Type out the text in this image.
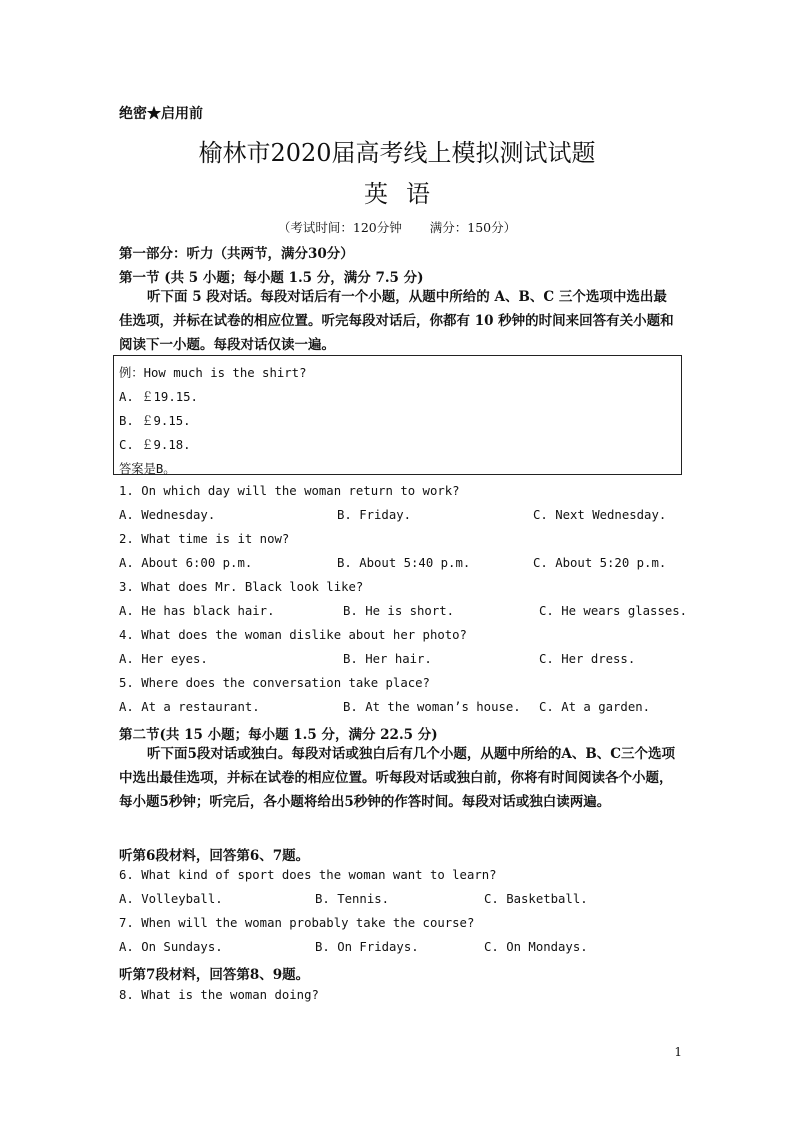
绝密★启用前
榆林市2020届高考线上模拟测试试题
英语
（考试时间：120分钟 满分：150分）
第一部分：听力（共两节，满分30分）
第一节 (共 5 小题；每小题 1.5 分，满分 7.5 分)
听下面 5 段对话。每段对话后有一个小题，从题中所给的 A、B、C 三个选项中选出最佳选项，并标在试卷的相应位置。听完每段对话后，你都有 10 秒钟的时间来回答有关小题和阅读下一小题。每段对话仅读一遍。
例：How much is the shirt?
A. ￡19.15.
B. ￡9.15.
C. ￡9.18.
答案是B。
1. On which day will the woman return to work?
A. Wednesday.	B. Friday.	C. Next Wednesday.
2. What time is it now?
A. About 6:00 p.m.	B. About 5:40 p.m.	C. About 5:20 p.m.
3. What does Mr. Black look like?
A. He has black hair.	B. He is short.	C. He wears glasses.
4. What does the woman dislike about her photo?
A. Her eyes.	B. Her hair.	C. Her dress.
5. Where does the conversation take place?
A. At a restaurant.	B. At the woman’s house. C. At a garden.
第二节(共 15 小题；每小题 1.5 分，满分 22.5 分)
听下面5段对话或独白。每段对话或独白后有几个小题，从题中所给的A、B、C三个选项中选出最佳选项，并标在试卷的相应位置。听每段对话或独白前，你将有时间阅读各个小题，每小题5秒钟；听完后，各小题将给出5秒钟的作答时间。每段对话或独白读两遍。
听第6段材料，回答第6、7题。
6. What kind of sport does the woman want to learn?
A. Volleyball.	B. Tennis.	C. Basketball.
7. When will the woman probably take the course?
A. On Sundays.	B. On Fridays.	C. On Mondays.
听第7段材料，回答第8、9题。
8. What is the woman doing?
1
